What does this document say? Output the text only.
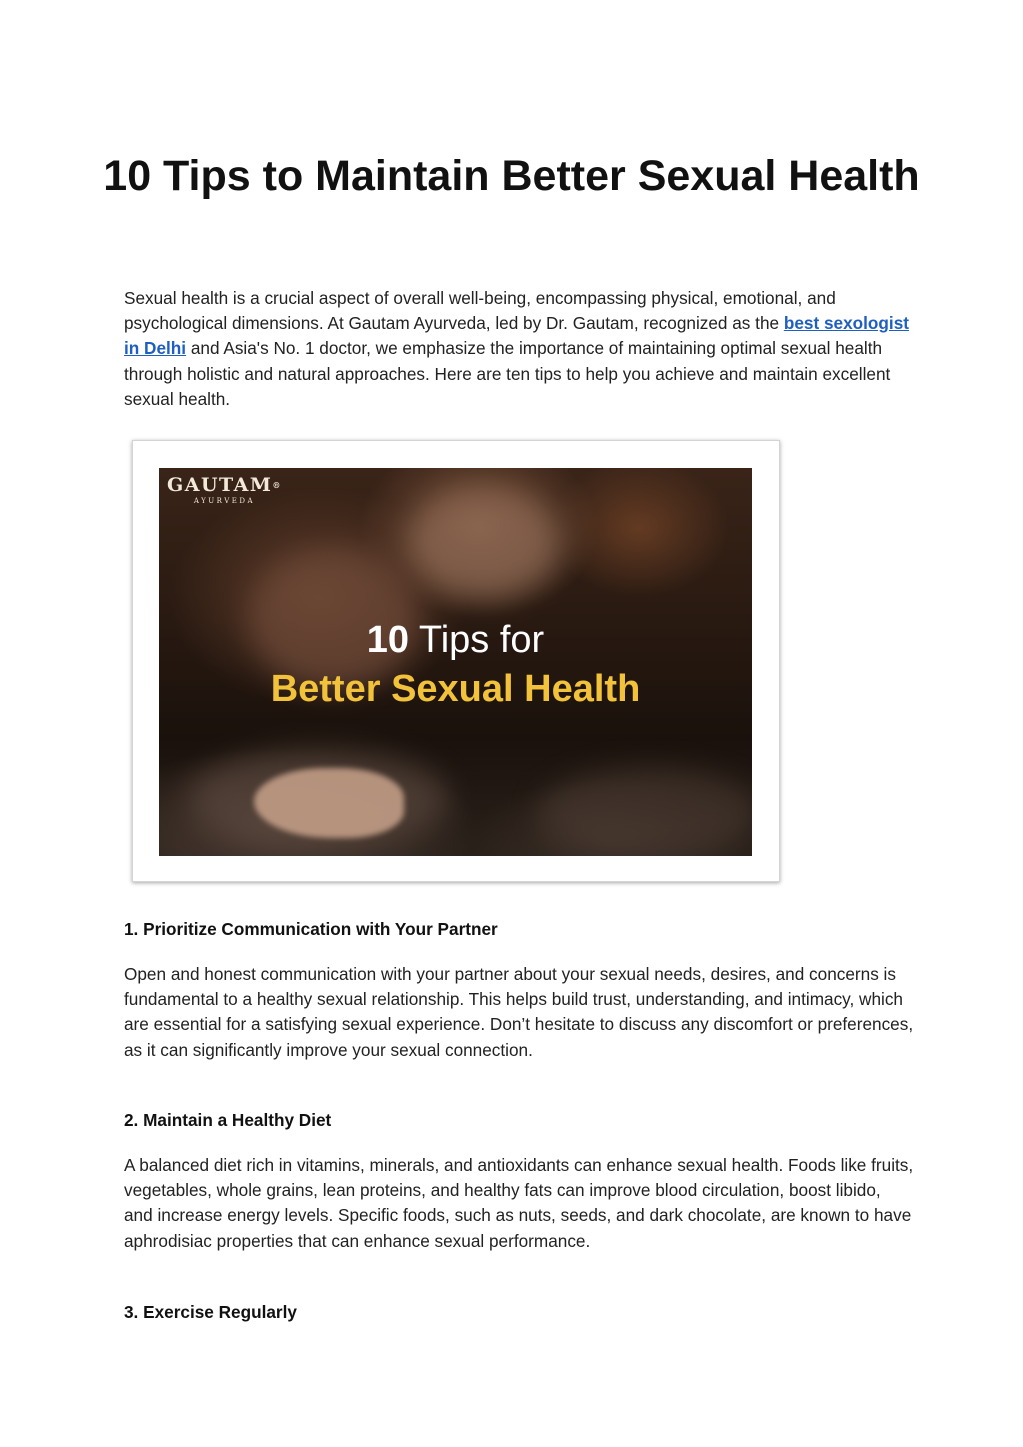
10 Tips to Maintain Better Sexual Health

Sexual health is a crucial aspect of overall well-being, encompassing physical, emotional, and psychological dimensions. At Gautam Ayurveda, led by Dr. Gautam, recognized as the best sexologist in Delhi and Asia's No. 1 doctor, we emphasize the importance of maintaining optimal sexual health through holistic and natural approaches. Here are ten tips to help you achieve and maintain excellent sexual health.

GAUTAM®
AYURVEDA
10 Tips for
Better Sexual Health
1. Prioritize Communication with Your Partner

Open and honest communication with your partner about your sexual needs, desires, and concerns is fundamental to a healthy sexual relationship. This helps build trust, understanding, and intimacy, which are essential for a satisfying sexual experience. Don’t hesitate to discuss any discomfort or preferences, as it can significantly improve your sexual connection.

2. Maintain a Healthy Diet

A balanced diet rich in vitamins, minerals, and antioxidants can enhance sexual health. Foods like fruits, vegetables, whole grains, lean proteins, and healthy fats can improve blood circulation, boost libido, and increase energy levels. Specific foods, such as nuts, seeds, and dark chocolate, are known to have aphrodisiac properties that can enhance sexual performance.

3. Exercise Regularly
